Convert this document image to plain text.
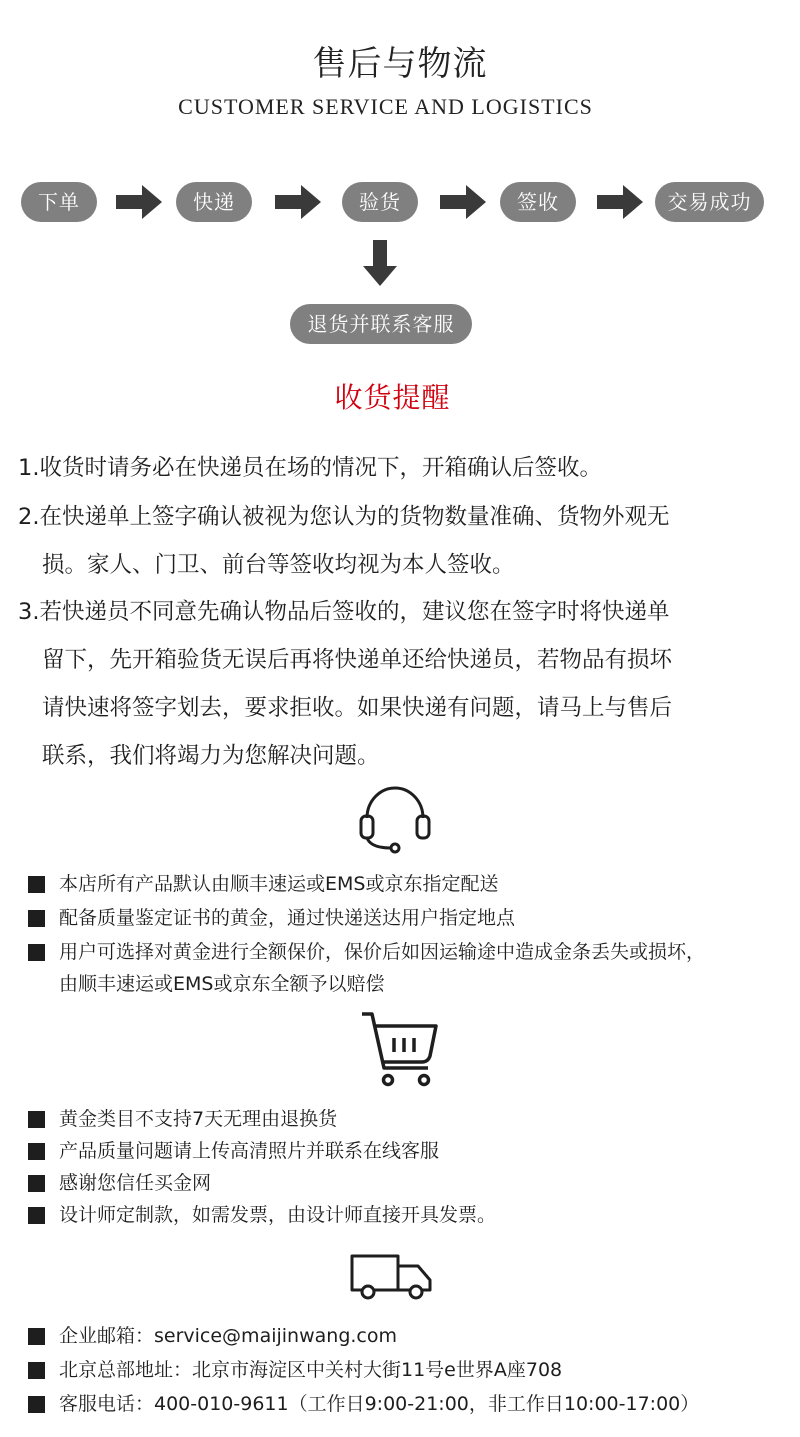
售后与物流
CUSTOMER SERVICE AND LOGISTICS
下单	快递	验货	签收	交易成功
退货并联系客服
收货提醒
1.收货时请务必在快递员在场的情况下，开箱确认后签收。
2.在快递单上签字确认被视为您认为的货物数量准确、货物外观无
损。家人、门卫、前台等签收均视为本人签收。
3.若快递员不同意先确认物品后签收的，建议您在签字时将快递单
留下，先开箱验货无误后再将快递单还给快递员，若物品有损坏
请快速将签字划去，要求拒收。如果快递有问题，请马上与售后
联系，我们将竭力为您解决问题。
本店所有产品默认由顺丰速运或EMS或京东指定配送
配备质量鉴定证书的黄金，通过快递送达用户指定地点
用户可选择对黄金进行全额保价，保价后如因运输途中造成金条丢失或损坏，
由顺丰速运或EMS或京东全额予以赔偿
黄金类目不支持7天无理由退换货
产品质量问题请上传高清照片并联系在线客服
感谢您信任买金网
设计师定制款，如需发票，由设计师直接开具发票。
企业邮箱：service@maijinwang.com
北京总部地址：北京市海淀区中关村大街11号e世界A座708
客服电话：400-010-9611（工作日9:00-21:00，非工作日10:00-17:00）
